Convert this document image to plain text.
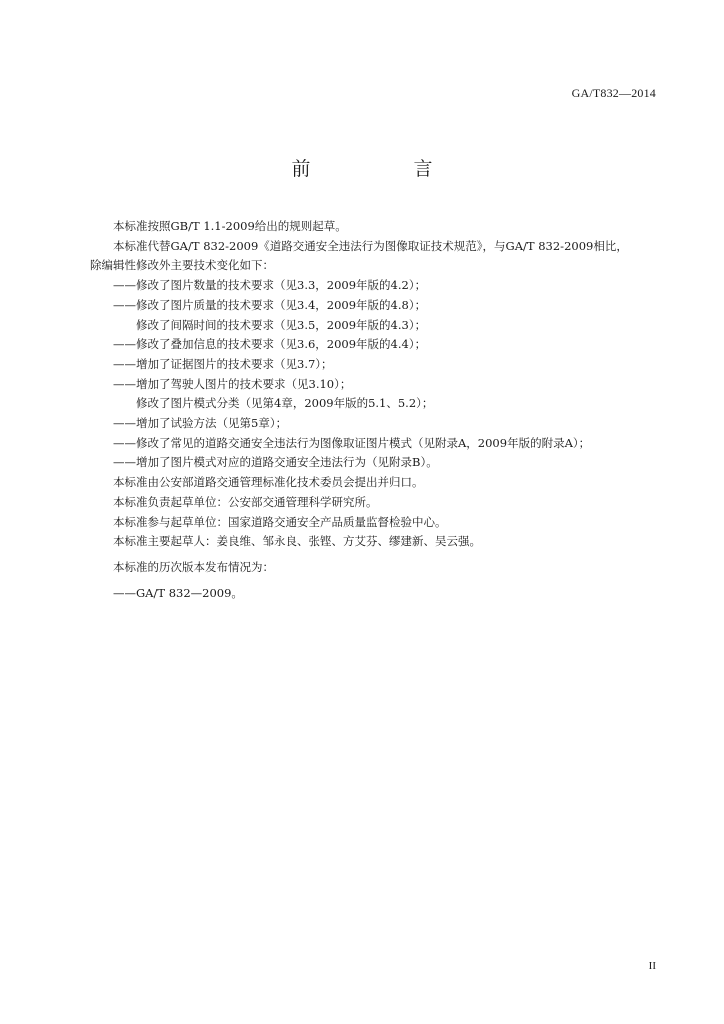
GA/T832—2014
前　言

本标准按照GB/T 1.1-2009给出的规则起草。

本标准代替GA/T 832-2009《道路交通安全违法行为图像取证技术规范》，与GA/T 832-2009相比，

除编辑性修改外主要技术变化如下：

——修改了图片数量的技术要求（见3.3，2009年版的4.2）；

——修改了图片质量的技术要求（见3.4，2009年版的4.8）；

　　修改了间隔时间的技术要求（见3.5，2009年版的4.3）；

——修改了叠加信息的技术要求（见3.6，2009年版的4.4）；

——增加了证据图片的技术要求（见3.7）；

——增加了驾驶人图片的技术要求（见3.10）；

　　修改了图片模式分类（见第4章，2009年版的5.1、5.2）；

——增加了试验方法（见第5章）；

——修改了常见的道路交通安全违法行为图像取证图片模式（见附录A，2009年版的附录A）；

——增加了图片模式对应的道路交通安全违法行为（见附录B）。

本标准由公安部道路交通管理标准化技术委员会提出并归口。

本标准负责起草单位：公安部交通管理科学研究所。

本标准参与起草单位：国家道路交通安全产品质量监督检验中心。

本标准主要起草人：姜良维、邹永良、张铿、方艾芬、缪建新、吴云强。

本标准的历次版本发布情况为：

——GA/T 832—2009。

II
